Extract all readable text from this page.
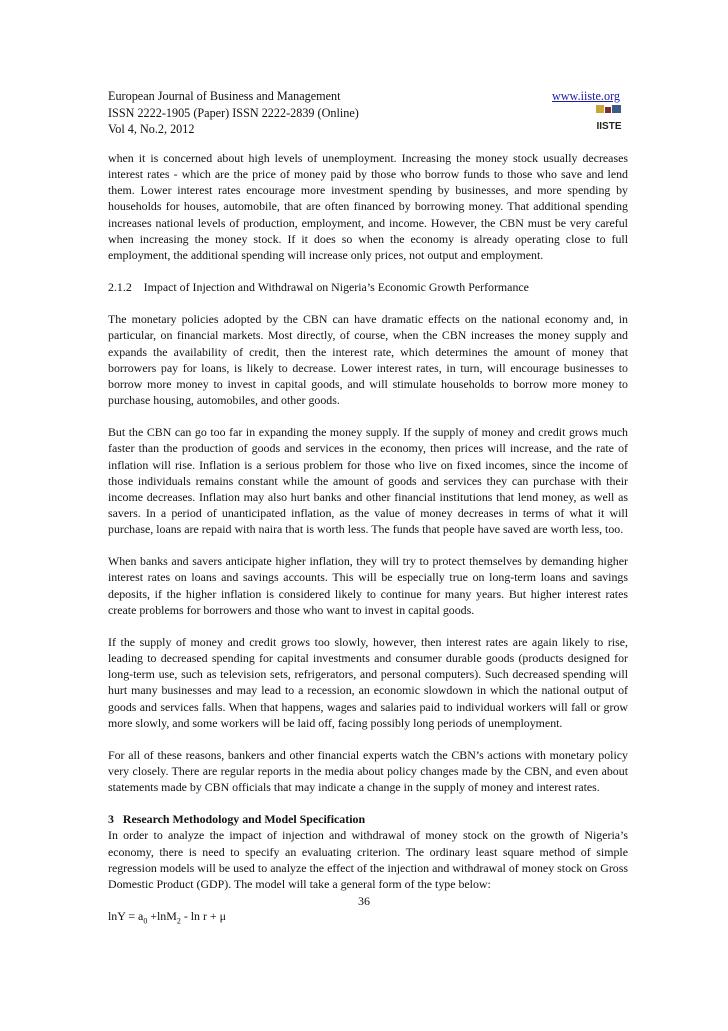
European Journal of Business and Management
ISSN 2222-1905 (Paper) ISSN 2222-2839 (Online)
Vol 4, No.2, 2012
www.iiste.org
IISTE

when it is concerned about high levels of unemployment. Increasing the money stock usually decreases interest rates - which are the price of money paid by those who borrow funds to those who save and lend them. Lower interest rates encourage more investment spending by businesses, and more spending by households for houses, automobile, that are often financed by borrowing money. That additional spending increases national levels of production, employment, and income. However, the CBN must be very careful when increasing the money stock. If it does so when the economy is already operating close to full employment, the additional spending will increase only prices, not output and employment.

2.1.2    Impact of Injection and Withdrawal on Nigeria’s Economic Growth Performance

The monetary policies adopted by the CBN can have dramatic effects on the national economy and, in particular, on financial markets. Most directly, of course, when the CBN increases the money supply and expands the availability of credit, then the interest rate, which determines the amount of money that borrowers pay for loans, is likely to decrease. Lower interest rates, in turn, will encourage businesses to borrow more money to invest in capital goods, and will stimulate households to borrow more money to purchase housing, automobiles, and other goods.

But the CBN can go too far in expanding the money supply. If the supply of money and credit grows much faster than the production of goods and services in the economy, then prices will increase, and the rate of inflation will rise. Inflation is a serious problem for those who live on fixed incomes, since the income of those individuals remains constant while the amount of goods and services they can purchase with their income decreases. Inflation may also hurt banks and other financial institutions that lend money, as well as savers. In a period of unanticipated inflation, as the value of money decreases in terms of what it will purchase, loans are repaid with naira that is worth less. The funds that people have saved are worth less, too.

When banks and savers anticipate higher inflation, they will try to protect themselves by demanding higher interest rates on loans and savings accounts. This will be especially true on long-term loans and savings deposits, if the higher inflation is considered likely to continue for many years. But higher interest rates create problems for borrowers and those who want to invest in capital goods.

If the supply of money and credit grows too slowly, however, then interest rates are again likely to rise, leading to decreased spending for capital investments and consumer durable goods (products designed for long-term use, such as television sets, refrigerators, and personal computers). Such decreased spending will hurt many businesses and may lead to a recession, an economic slowdown in which the national output of goods and services falls. When that happens, wages and salaries paid to individual workers will fall or grow more slowly, and some workers will be laid off, facing possibly long periods of unemployment.

For all of these reasons, bankers and other financial experts watch the CBN’s actions with monetary policy very closely. There are regular reports in the media about policy changes made by the CBN, and even about statements made by CBN officials that may indicate a change in the supply of money and interest rates.

3   Research Methodology and Model Specification

In order to analyze the impact of injection and withdrawal of money stock on the growth of Nigeria’s economy, there is need to specify an evaluating criterion. The ordinary least square method of simple regression models will be used to analyze the effect of the injection and withdrawal of money stock on Gross Domestic Product (GDP). The model will take a general form of the type below:

$\ln Y = a_0 +\ln M_2 - \ln r + \mu$
36
